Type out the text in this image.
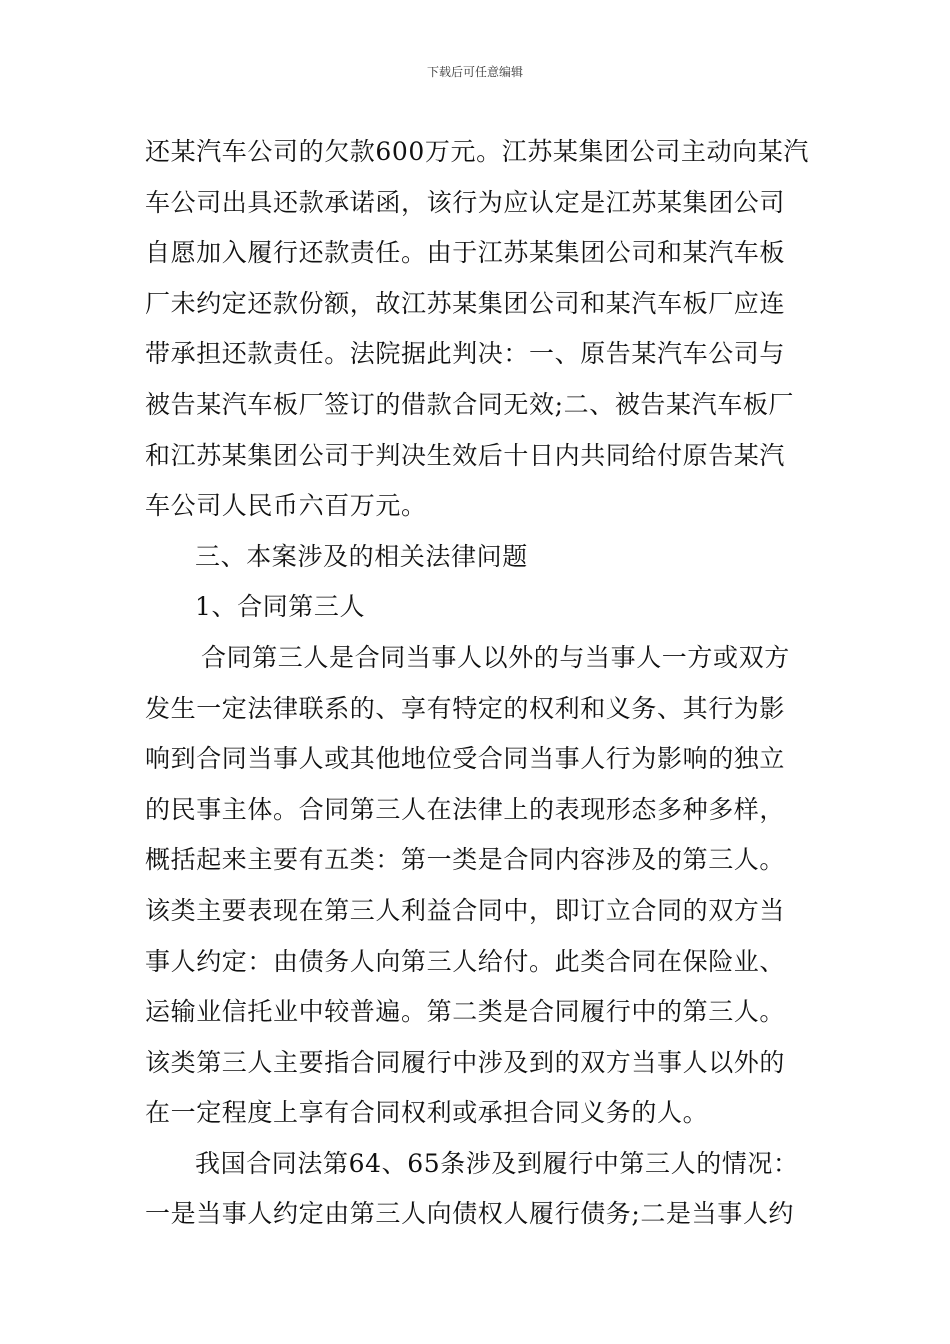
下载后可任意编辑
还某汽车公司的欠款600万元。江苏某集团公司主动向某汽
车公司出具还款承诺函，该行为应认定是江苏某集团公司
自愿加入履行还款责任。由于江苏某集团公司和某汽车板
厂未约定还款份额，故江苏某集团公司和某汽车板厂应连
带承担还款责任。法院据此判决：一、原告某汽车公司与
被告某汽车板厂签订的借款合同无效;二、被告某汽车板厂
和江苏某集团公司于判决生效后十日内共同给付原告某汽
车公司人民币六百万元。
三、本案涉及的相关法律问题
1、合同第三人
合同第三人是合同当事人以外的与当事人一方或双方
发生一定法律联系的、享有特定的权利和义务、其行为影
响到合同当事人或其他地位受合同当事人行为影响的独立
的民事主体。合同第三人在法律上的表现形态多种多样，
概括起来主要有五类：第一类是合同内容涉及的第三人。
该类主要表现在第三人利益合同中，即订立合同的双方当
事人约定：由债务人向第三人给付。此类合同在保险业、
运输业信托业中较普遍。第二类是合同履行中的第三人。
该类第三人主要指合同履行中涉及到的双方当事人以外的
在一定程度上享有合同权利或承担合同义务的人。
我国合同法第64、65条涉及到履行中第三人的情况：
一是当事人约定由第三人向债权人履行债务;二是当事人约
